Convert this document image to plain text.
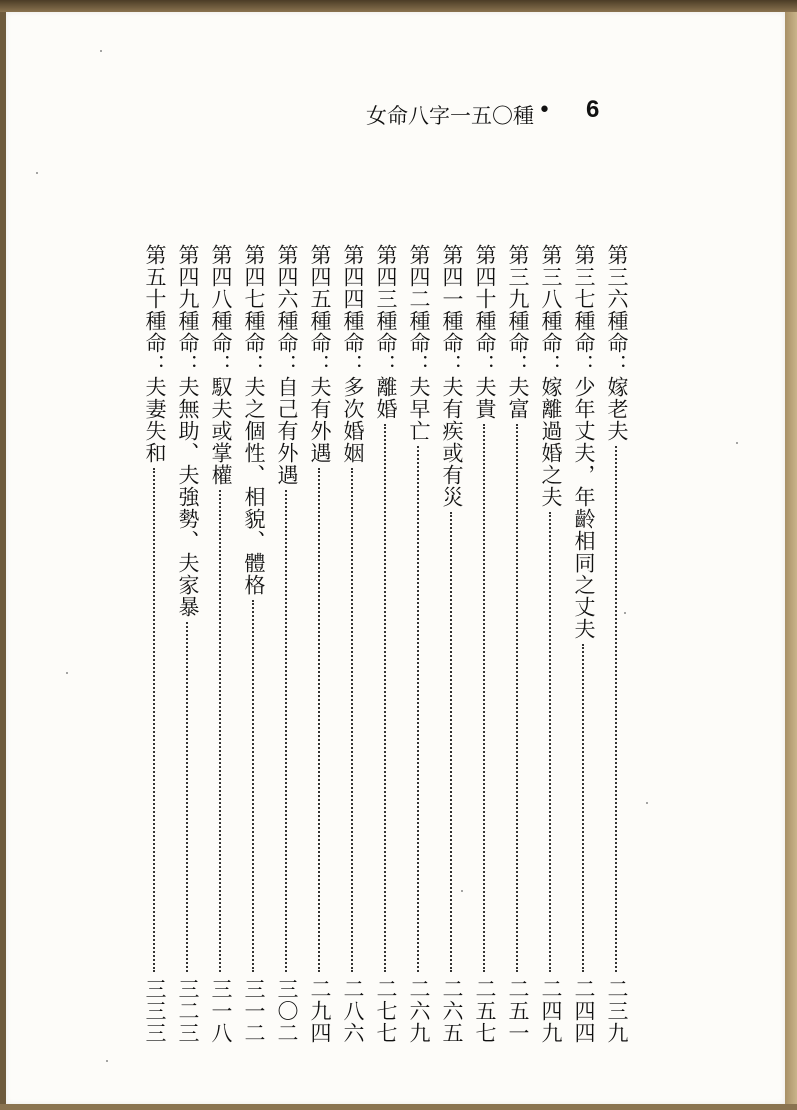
女命八字一五〇種 • 6
第三六種命：嫁老夫
二三九
第三七種命：少年丈夫，年齡相同之丈夫
二四四
第三八種命：嫁離過婚之夫
二四九
第三九種命：夫富
二五一
第四十種命：夫貴
二五七
第四一種命：夫有疾或有災
二六五
第四二種命：夫早亡
二六九
第四三種命：離婚
二七七
第四四種命：多次婚姻
二八六
第四五種命：夫有外遇
二九四
第四六種命：自己有外遇
三〇二
第四七種命：夫之個性、相貌、體格
三一二
第四八種命：馭夫或掌權
三一八
第四九種命：夫無助、夫強勢、夫家暴
三二三
第五十種命：夫妻失和
三三三
